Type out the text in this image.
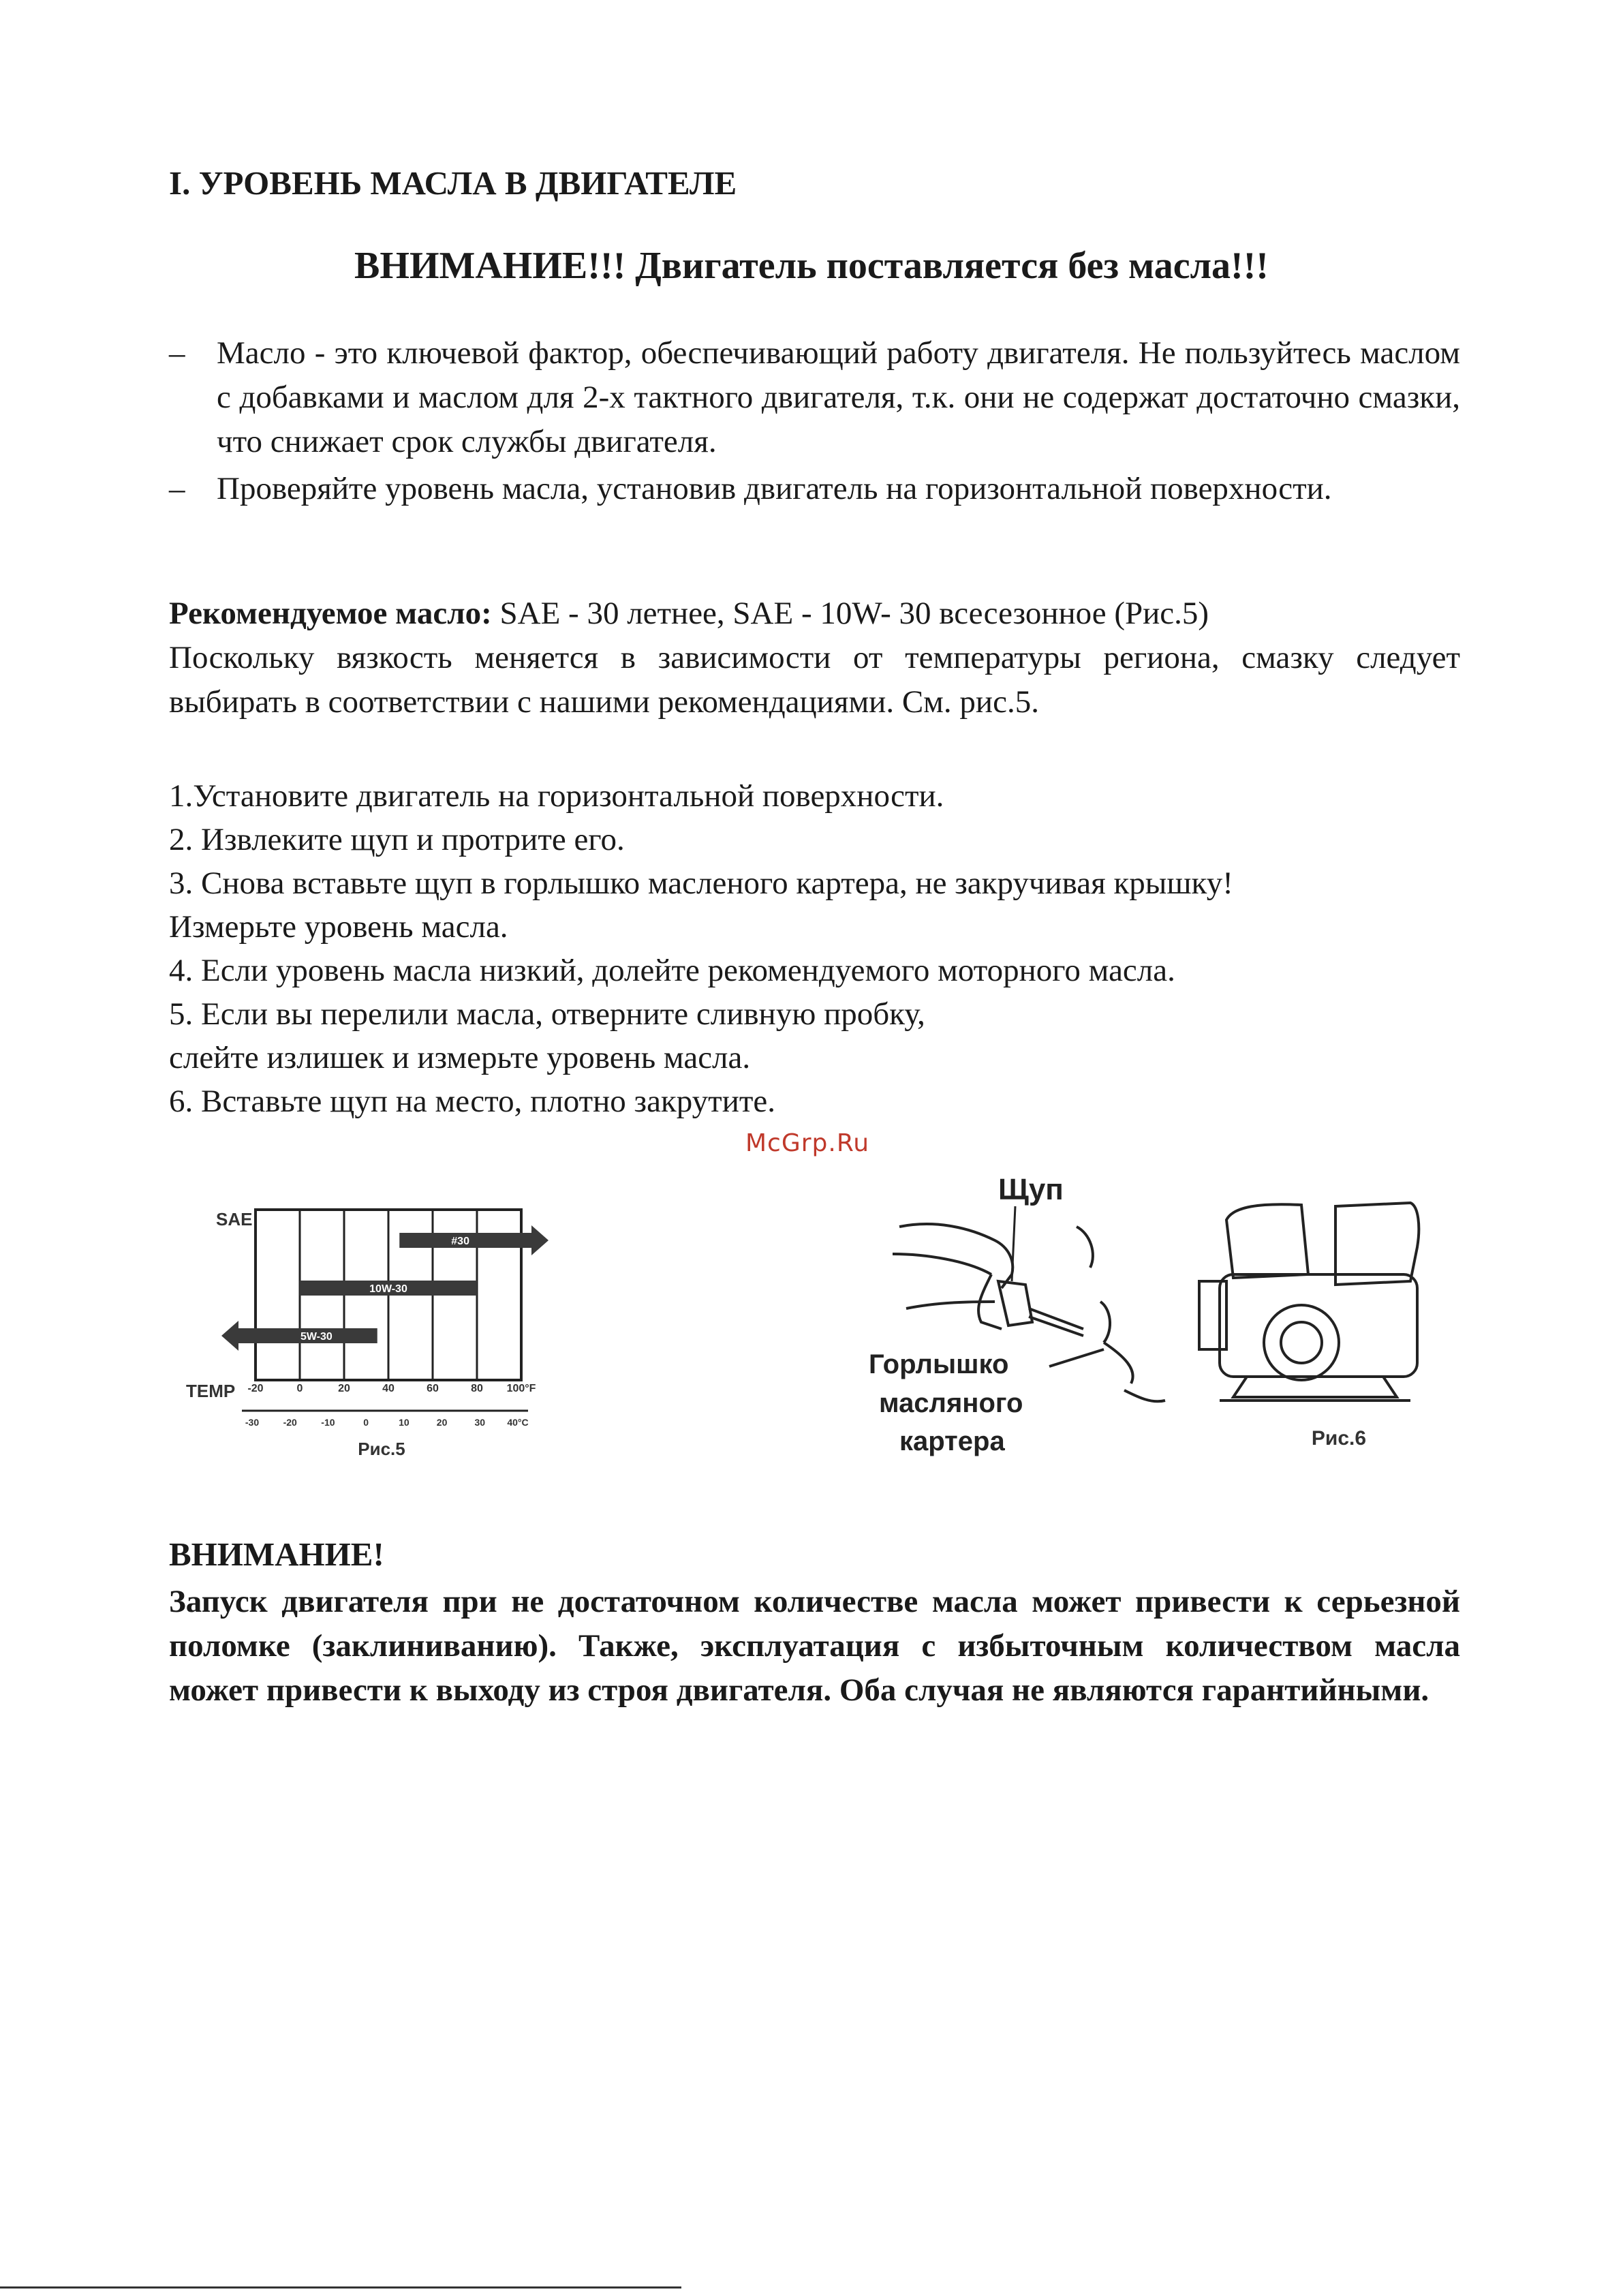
I. УРОВЕНЬ МАСЛА В ДВИГАТЕЛЕ
ВНИМАНИЕ!!! Двигатель поставляется без масла!!!
– Масло - это ключевой фактор, обеспечивающий работу двигателя. Не пользуйтесь маслом с добавками и маслом для 2-х тактного двигателя, т.к. они не содержат достаточно смазки, что снижает срок службы двигателя.
– Проверяйте уровень масла, установив двигатель на горизонтальной поверхности.
Рекомендуемое масло: SAE - 30 летнее, SAE - 10W- 30 всесезонное (Рис.5)
Поскольку вязкость меняется в зависимости от температуры региона, смазку следует выбирать в соответствии с нашими рекомендациями. См. рис.5.
1.Установите двигатель на горизонтальной поверхности.
2. Извлеките щуп и протрите его.
3. Снова вставьте щуп в горлышко масленого картера, не закручивая крышку!
Измерьте уровень масла.
4. Если уровень масла низкий, долейте рекомендуемого моторного масла.
5. Если вы перелили масла, отверните сливную пробку,
слейте излишек и измерьте уровень масла.
6. Вставьте щуп на место, плотно закрутите.
McGrp.Ru
SAE
#30
10W-30
5W-30
TEMP -20	0	20	40	60	80 100°F
-30	-20	-10	0	10	20	30 40°C
Рис.5
Щуп
Горлышко
масляного
картера	Рис.6
ВНИМАНИЕ!
Запуск двигателя при не достаточном количестве масла может привести к серьезной поломке (заклиниванию). Также, эксплуатация с избыточным количеством масла может привести к выходу из строя двигателя. Оба случая не являются гарантийными.
